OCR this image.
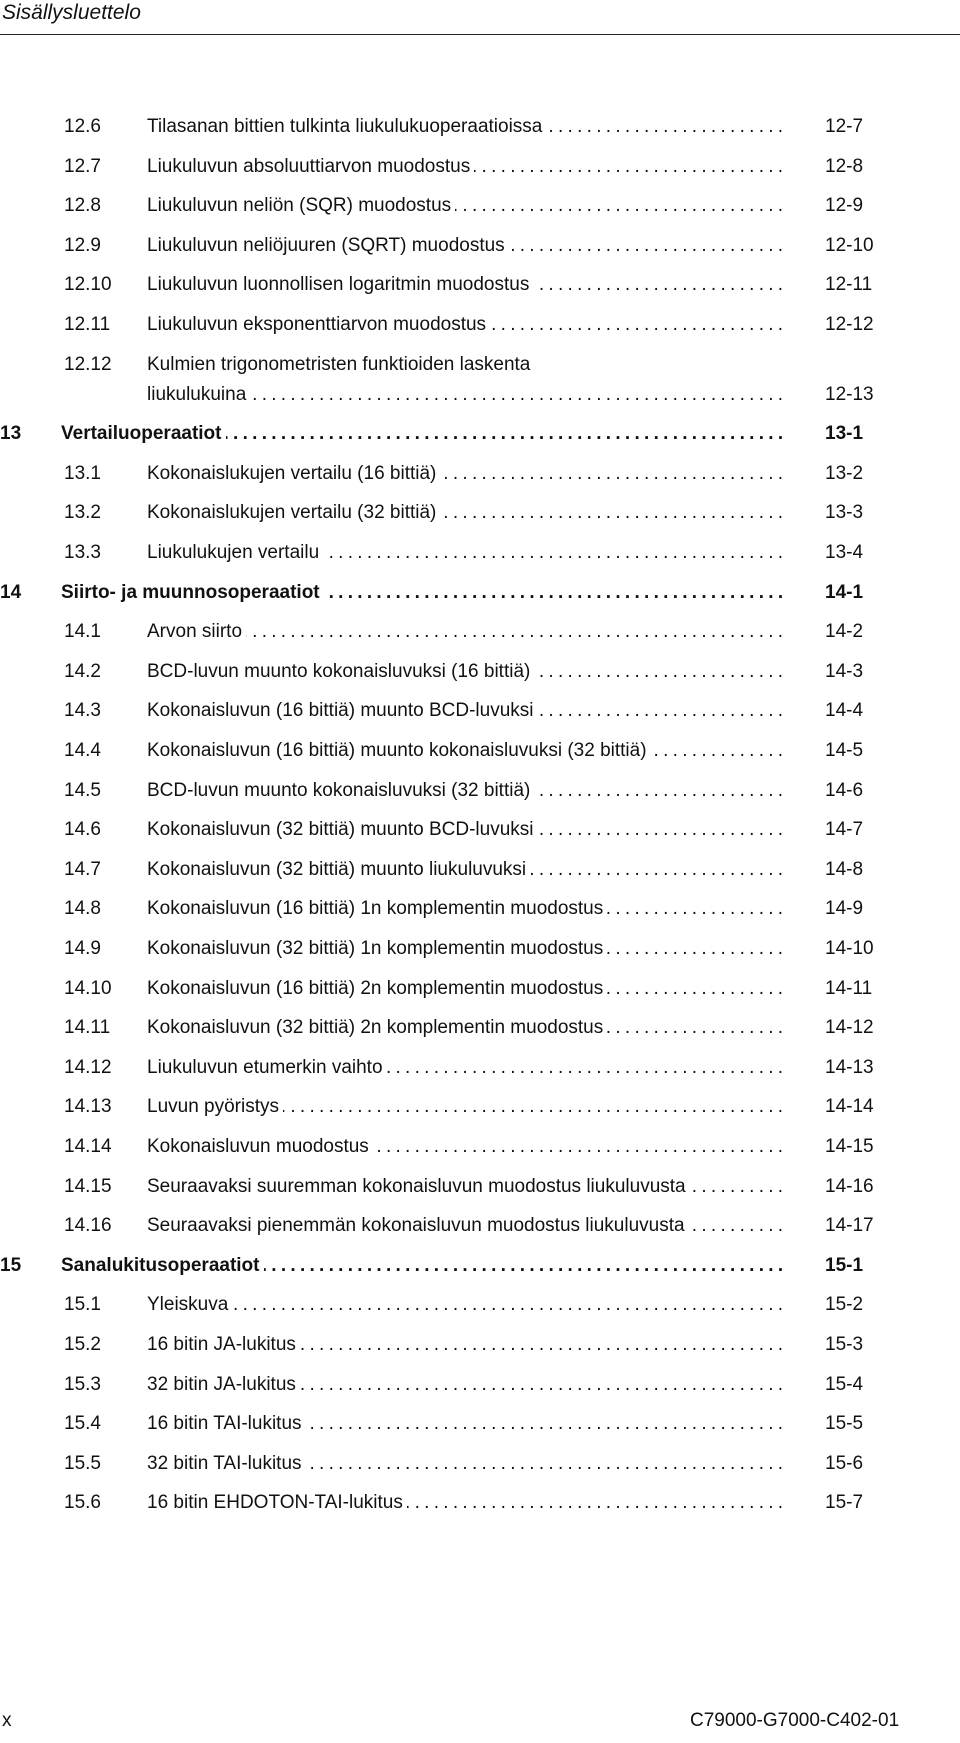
Sisällysluettelo
12.6 Tilasanan bittien tulkinta liukulukuoperaatioissa . . .	12-7
12.7 Liukuluvun absoluuttiarvon muodostus . . .	12-8
12.8 Liukuluvun neliön (SQR) muodostus . . .	12-9
12.9 Liukuluvun neliöjuuren (SQRT) muodostus . . .	12-10
12.10 Liukuluvun luonnollisen logaritmin muodostus . . .	12-11
12.11 Liukuluvun eksponenttiarvon muodostus . . .	12-12
12.12 Kulmien trigonometristen funktioiden laskenta
liukulukuina . . .	12-13
13 Vertailuoperaatiot . . .	13-1
13.1 Kokonaislukujen vertailu (16 bittiä) . . .	13-2
13.2 Kokonaislukujen vertailu (32 bittiä) . . .	13-3
13.3 Liukulukujen vertailu . . .	13-4
14 Siirto- ja muunnosoperaatiot . . .	14-1
14.1 Arvon siirto . . .	14-2
14.2 BCD-luvun muunto kokonaisluvuksi (16 bittiä) . . .	14-3
14.3 Kokonaisluvun (16 bittiä) muunto BCD-luvuksi . . .	14-4
14.4 Kokonaisluvun (16 bittiä) muunto kokonaisluvuksi (32 bittiä) . . .	14-5
14.5 BCD-luvun muunto kokonaisluvuksi (32 bittiä) . . .	14-6
14.6 Kokonaisluvun (32 bittiä) muunto BCD-luvuksi . . .	14-7
14.7 Kokonaisluvun (32 bittiä) muunto liukuluvuksi . . .	14-8
14.8 Kokonaisluvun (16 bittiä) 1n komplementin muodostus . . .	14-9
14.9 Kokonaisluvun (32 bittiä) 1n komplementin muodostus . . .	14-10
14.10 Kokonaisluvun (16 bittiä) 2n komplementin muodostus . . .	14-11
14.11 Kokonaisluvun (32 bittiä) 2n komplementin muodostus . . .	14-12
14.12 Liukuluvun etumerkin vaihto . . .	14-13
14.13 Luvun pyöristys . . .	14-14
14.14 Kokonaisluvun muodostus . . .	14-15
14.15 Seuraavaksi suuremman kokonaisluvun muodostus liukuluvusta . . .	14-16
14.16 Seuraavaksi pienemmän kokonaisluvun muodostus liukuluvusta . . .	14-17
15 Sanalukitusoperaatiot . . .	15-1
15.1 Yleiskuva . . .	15-2
15.2 16 bitin JA-lukitus . . .	15-3
15.3 32 bitin JA-lukitus . . .	15-4
15.4 16 bitin TAI-lukitus . . .	15-5
15.5 32 bitin TAI-lukitus . . .	15-6
15.6 16 bitin EHDOTON-TAI-lukitus . . .	15-7
x	C79000-G7000-C402-01
